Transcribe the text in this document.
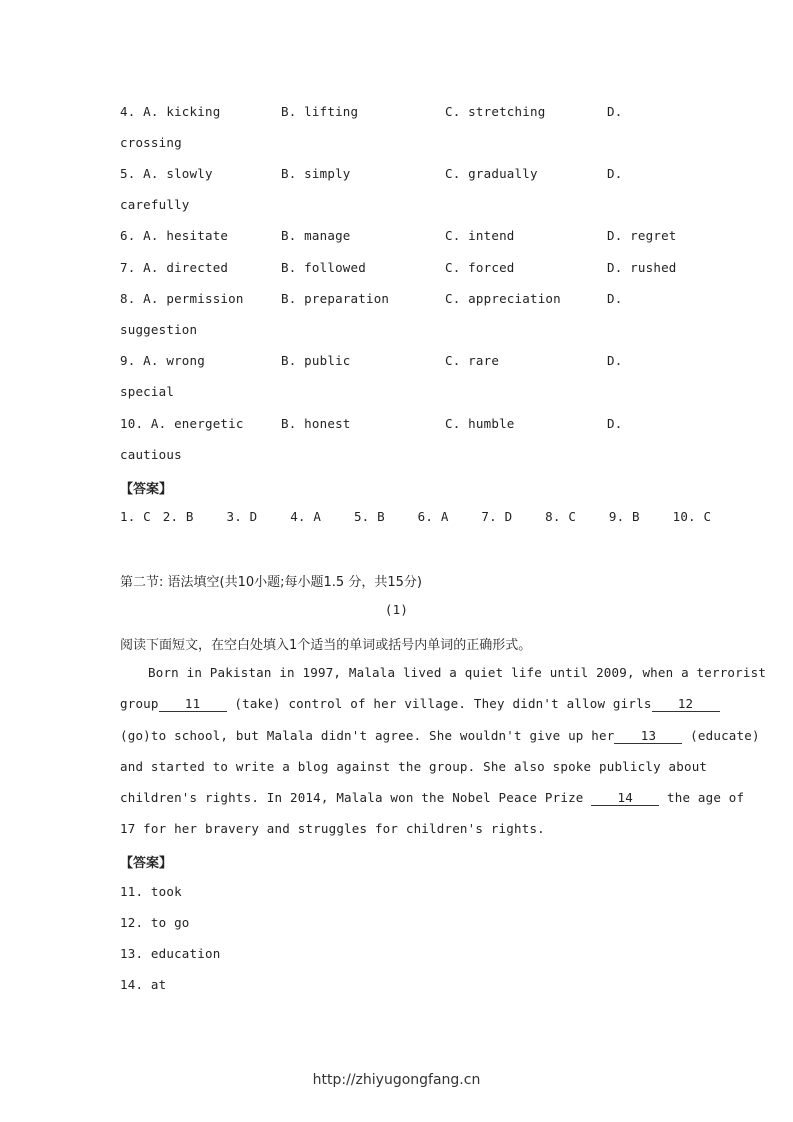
4. A. kicking	B. lifting	C. stretching	D.
crossing
5. A. slowly	B. simply	C. gradually	D.
carefully
6. A. hesitate	B. manage	C. intend	D. regret
7. A. directed	B. followed	C. forced	D. rushed
8. A. permission	B. preparation	C. appreciation	D.
suggestion
9. A. wrong	B. public	C. rare	D.
special
10. A. energetic	B. honest	C. humble	D.
cautious
【答案】
1. C 2. B	3. D	4. A	5. B	6. A	7. D	8. C	9. B	10. C
第二节: 语法填空(共10小题;每小题1.5 分，共15分)
(1)
阅读下面短文，在空白处填入1个适当的单词或括号内单词的正确形式。
Born in Pakistan in 1997, Malala lived a quiet life until 2009, when a terrorist
group 11 (take) control of her village. They didn't allow girls 12
(go)to school, but Malala didn't agree. She wouldn't give up her 13 (educate)
and started to write a blog against the group. She also spoke publicly about
children's rights. In 2014, Malala won the Nobel Peace Prize 14 the age of
17 for her bravery and struggles for children's rights.
【答案】
11. took
12. to go
13. education
14. at
http://zhiyugongfang.cn
